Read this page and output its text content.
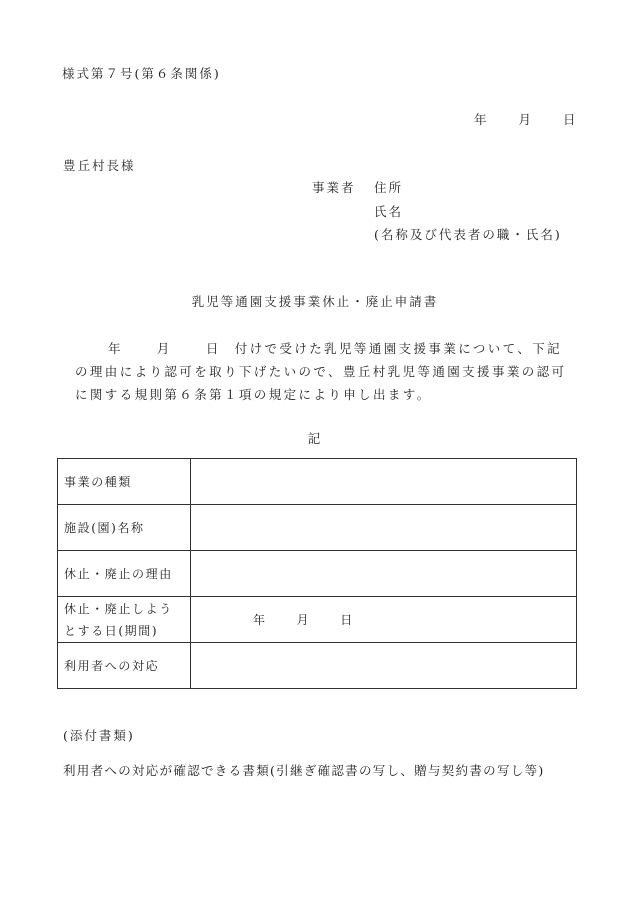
様式第７号(第６条関係)
年 月 日
豊丘村長様
事業者 住所
氏名
(名称及び代表者の職・氏名)
乳児等通園支援事業休止・廃止申請書
年	月	日 付けで受けた乳児等通園支援事業について、下記
の理由により認可を取り下げたいので、豊丘村乳児等通園支援事業の認可
に関する規則第６条第１項の規定により申し出ます。
記
事業の種類	
施設(園)名称	
休止・廃止の理由	

休止・廃止しよう
とする日(期間)	年 月 日
利用者への対応	
(添付書類)
利用者への対応が確認できる書類(引継ぎ確認書の写し、贈与契約書の写し等)
